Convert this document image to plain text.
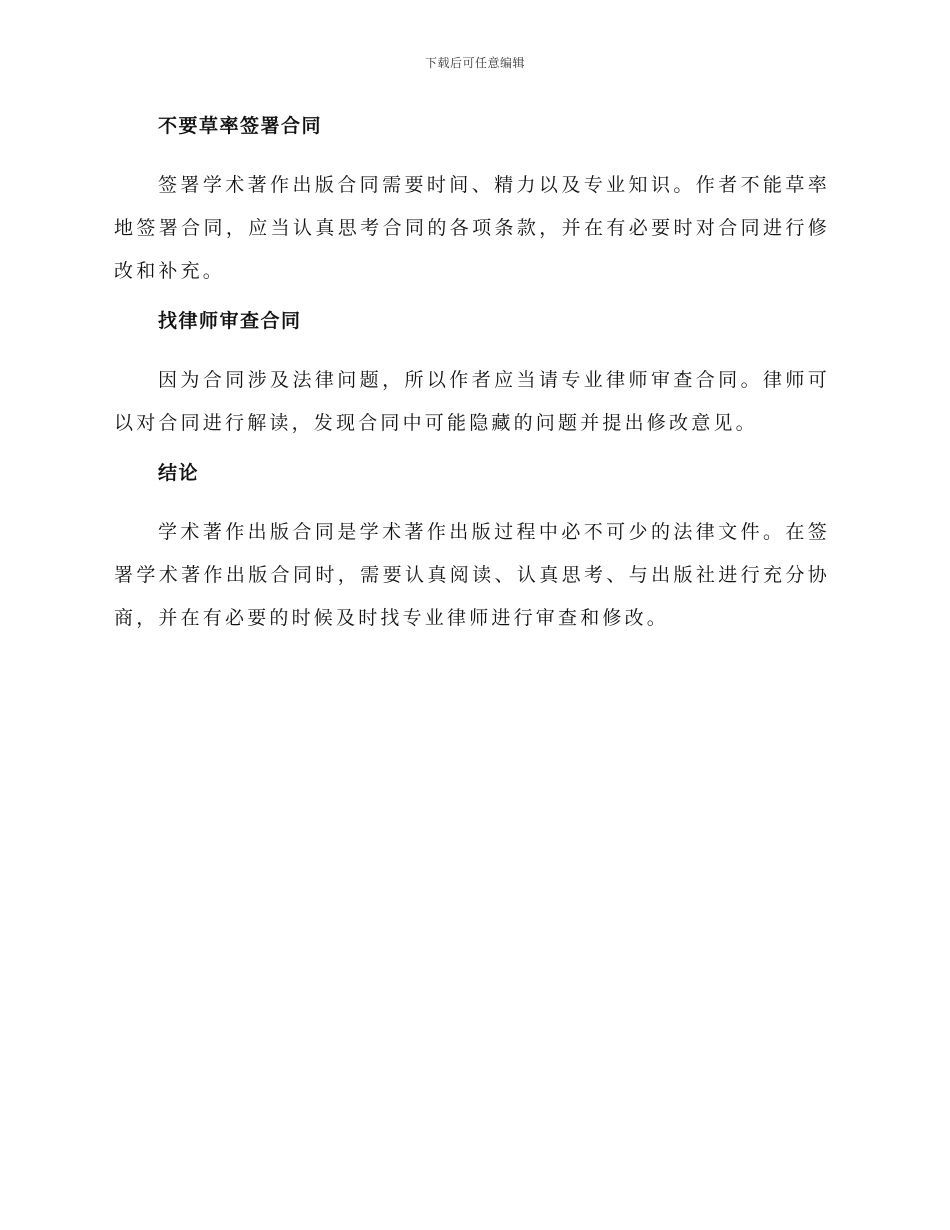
下载后可任意编辑
不要草率签署合同

签署学术著作出版合同需要时间、精力以及专业知识。作者不能草率地签署合同，应当认真思考合同的各项条款，并在有必要时对合同进行修改和补充。

找律师审查合同

因为合同涉及法律问题，所以作者应当请专业律师审查合同。律师可以对合同进行解读，发现合同中可能隐藏的问题并提出修改意见。

结论

学术著作出版合同是学术著作出版过程中必不可少的法律文件。在签署学术著作出版合同时，需要认真阅读、认真思考、与出版社进行充分协商，并在有必要的时候及时找专业律师进行审查和修改。
